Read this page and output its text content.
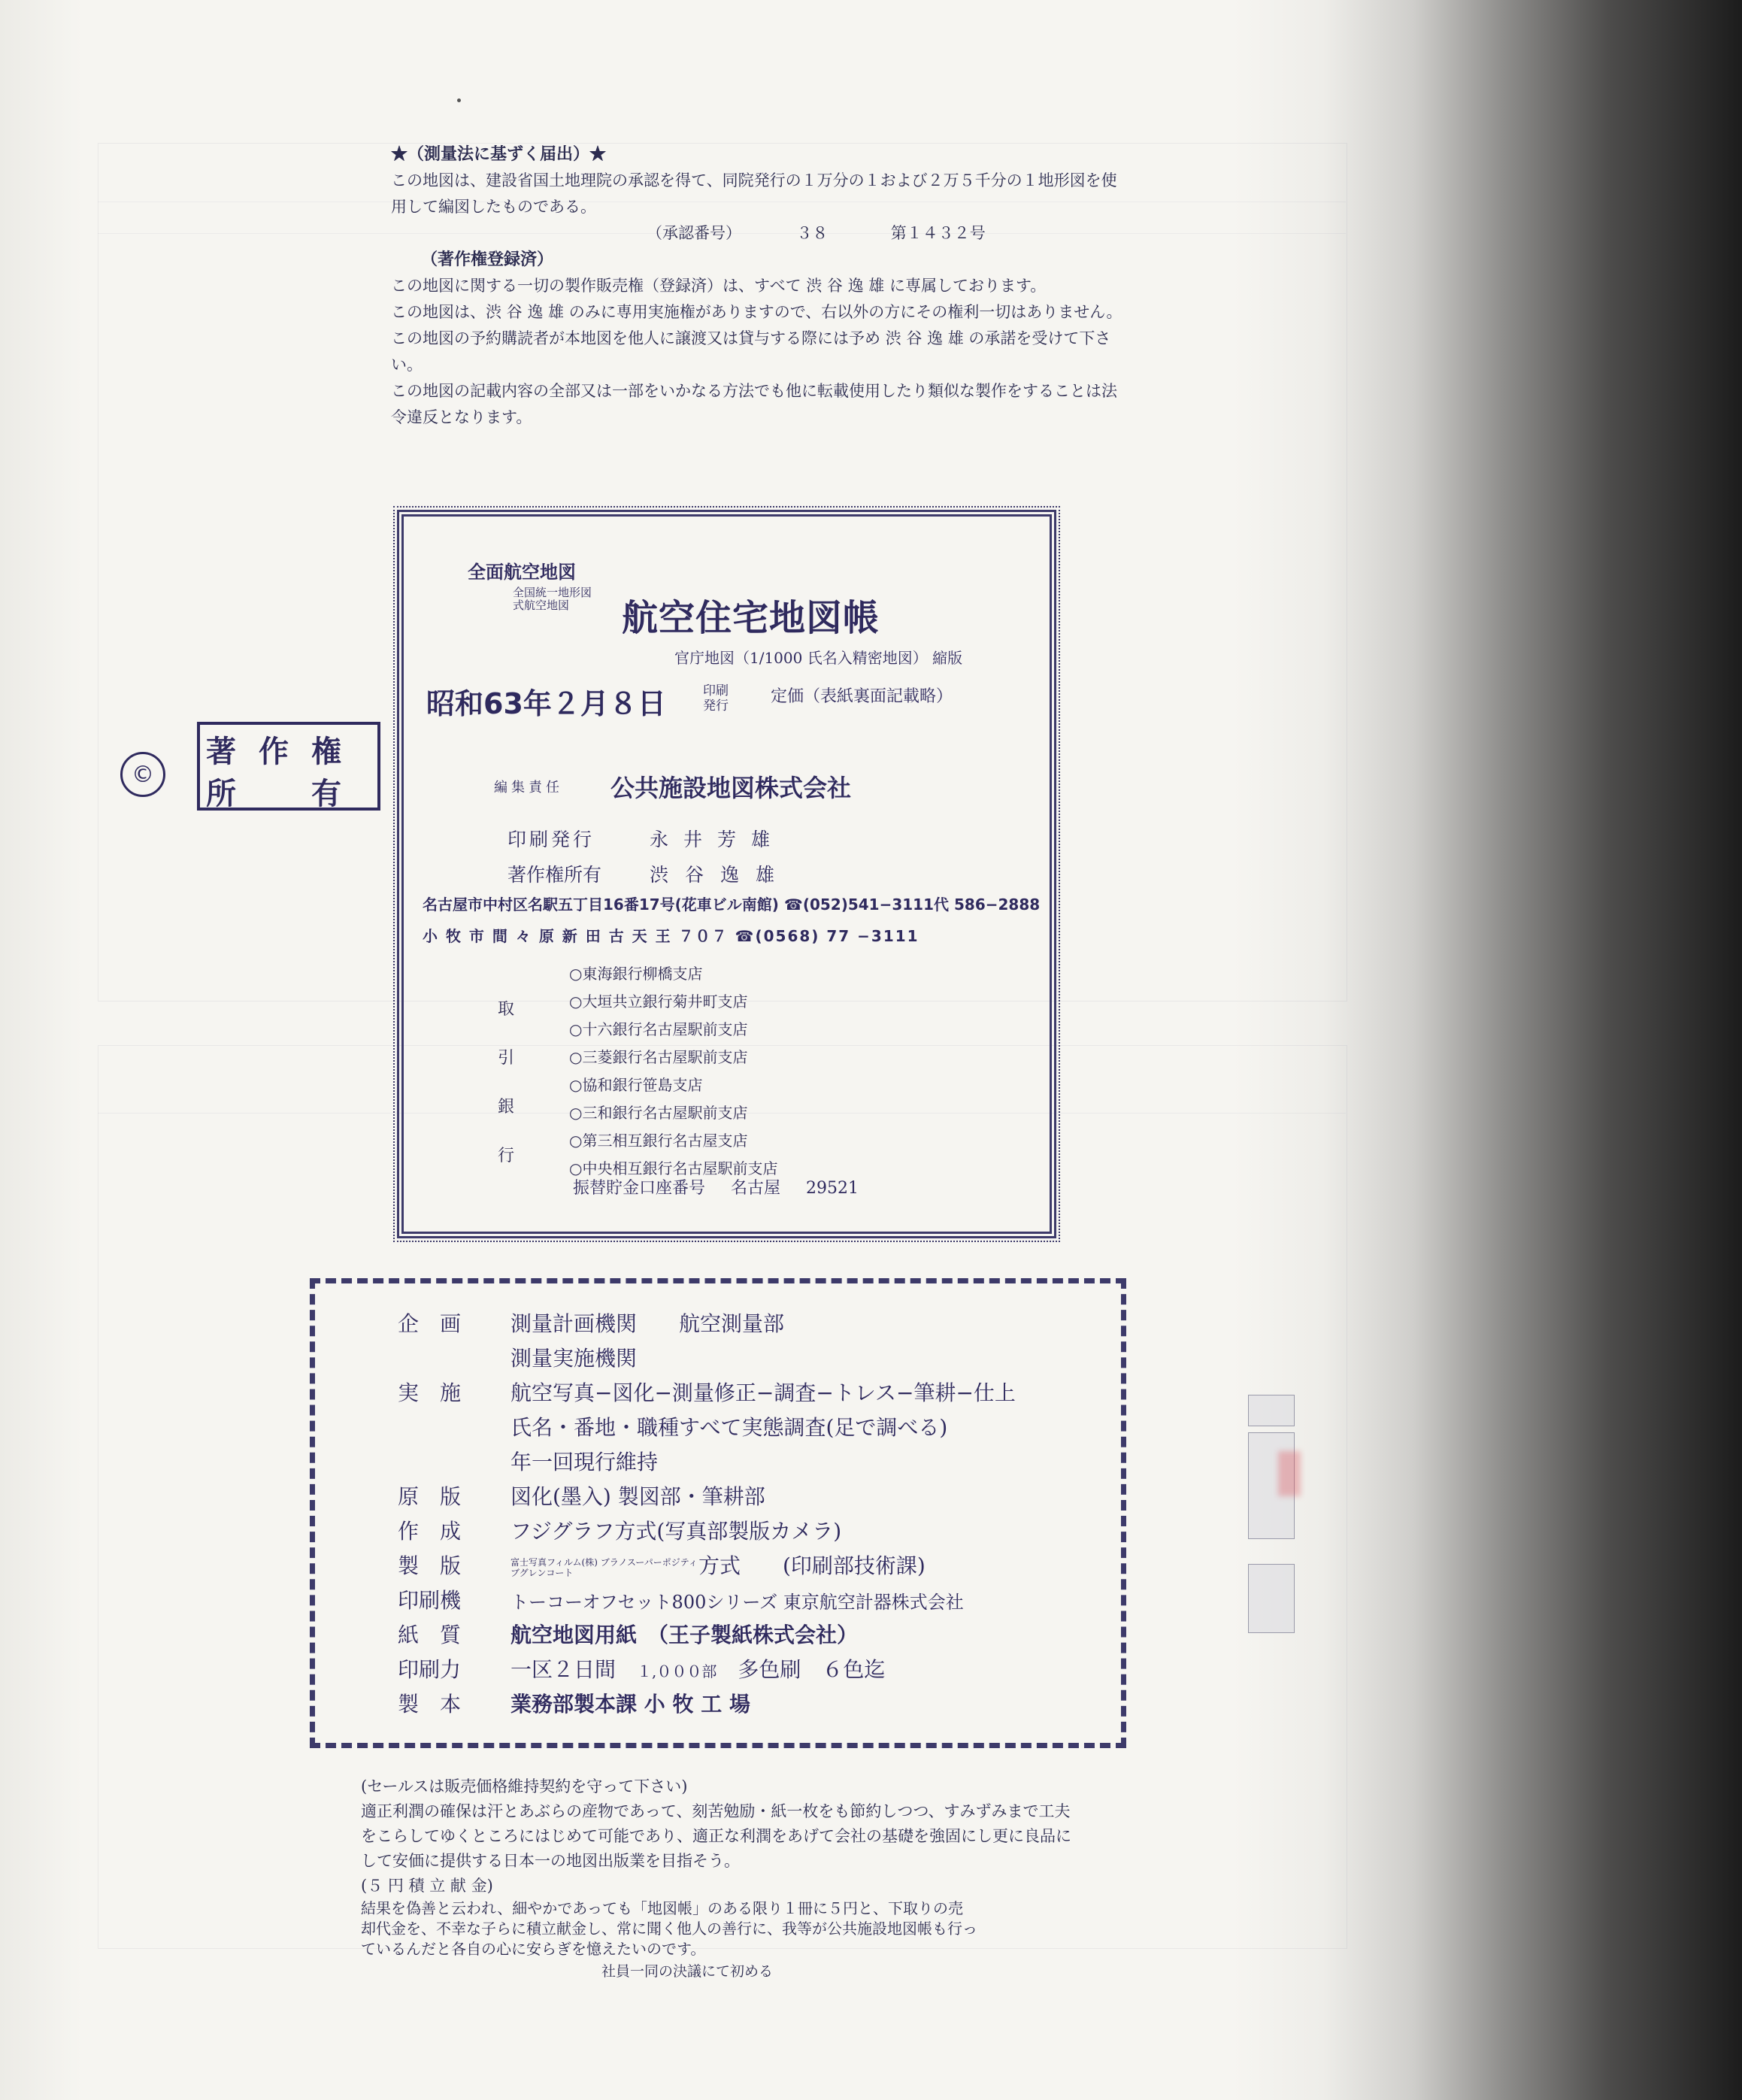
★（測量法に基ずく届出）★

この地図は、建設省国土地理院の承認を得て、同院発行の１万分の１および２万５千分の１地形図を使用して編図したものである。

（承認番号）	３８	第１４３２号

（著作権登録済）

この地図に関する一切の製作販売権（登録済）は、すべて 渋 谷 逸 雄 に専属しております。

この地図は、渋 谷 逸 雄 のみに専用実施権がありますので、右以外の方にその権利一切はありません。

この地図の予約購読者が本地図を他人に譲渡又は貸与する際には予め 渋 谷 逸 雄 の承諾を受けて下さい。

この地図の記載内容の全部又は一部をいかなる方法でも他に転載使用したり類似な製作をすることは法令違反となります。

©
著作権
所有
全面航空地図
全国統一地形図式航空地図	航空住宅地図帳
官庁地図（1/1000 氏名入精密地図） 縮版
昭和63年２月８日	印刷発行	定価（表紙裏面記載略）
編集責任 公共施設地図株式会社
印刷発行	永井芳雄
著作権所有	渋谷逸雄
名古屋市中村区名駅五丁目16番17号(花車ビル南館) ☎(052)541−3111代 586−2888
小 牧 市 間 々 原 新 田 古 天 王 ７０７ ☎(0568) 77 −3111
取引銀行
○東海銀行柳橋支店
○大垣共立銀行菊井町支店
○十六銀行名古屋駅前支店
○三菱銀行名古屋駅前支店
○協和銀行笹島支店
○三和銀行名古屋駅前支店
○第三相互銀行名古屋支店
○中央相互銀行名古屋駅前支店
振替貯金口座番号 名古屋 29521
企　画	測量計画機関　　航空測量部
測量実施機関
実　施	航空写真−図化−測量修正−調査−トレス−筆耕−仕上
氏名・番地・職種すべて実態調査(足で調べる)
年一回現行維持
原　版	図化(墨入) 製図部・筆耕部
作　成	フジグラフ方式(写真部製版カメラ)
製　版	富士写真フィルム(株) ブラノスーパーポジティブグレンコート	方式　　(印刷部技術課)
印刷機	トーコーオフセット800シリーズ 東京航空計器株式会社
紙　質	航空地図用紙　（王子製紙株式会社）
印刷力	一区２日間 １,０００部 多色刷　６色迄
製　本	業務部製本課 小 牧 工 場

(セールスは販売価格維持契約を守って下さい)

適正利潤の確保は汗とあぶらの産物であって、刻苦勉励・紙一枚をも節約しつつ、すみずみまで工夫をこらしてゆくところにはじめて可能であり、適正な利潤をあげて会社の基礎を強固にし更に良品にして安価に提供する日本一の地図出版業を目指そう。

(５ 円 積 立 献 金)

結果を偽善と云われ、細やかであっても「地図帳」のある限り１冊に５円と、下取りの売却代金を、不幸な子らに積立献金し、常に聞く他人の善行に、我等が公共施設地図帳も行っているんだと各自の心に安らぎを憶えたいのです。

社員一同の決議にて初める
